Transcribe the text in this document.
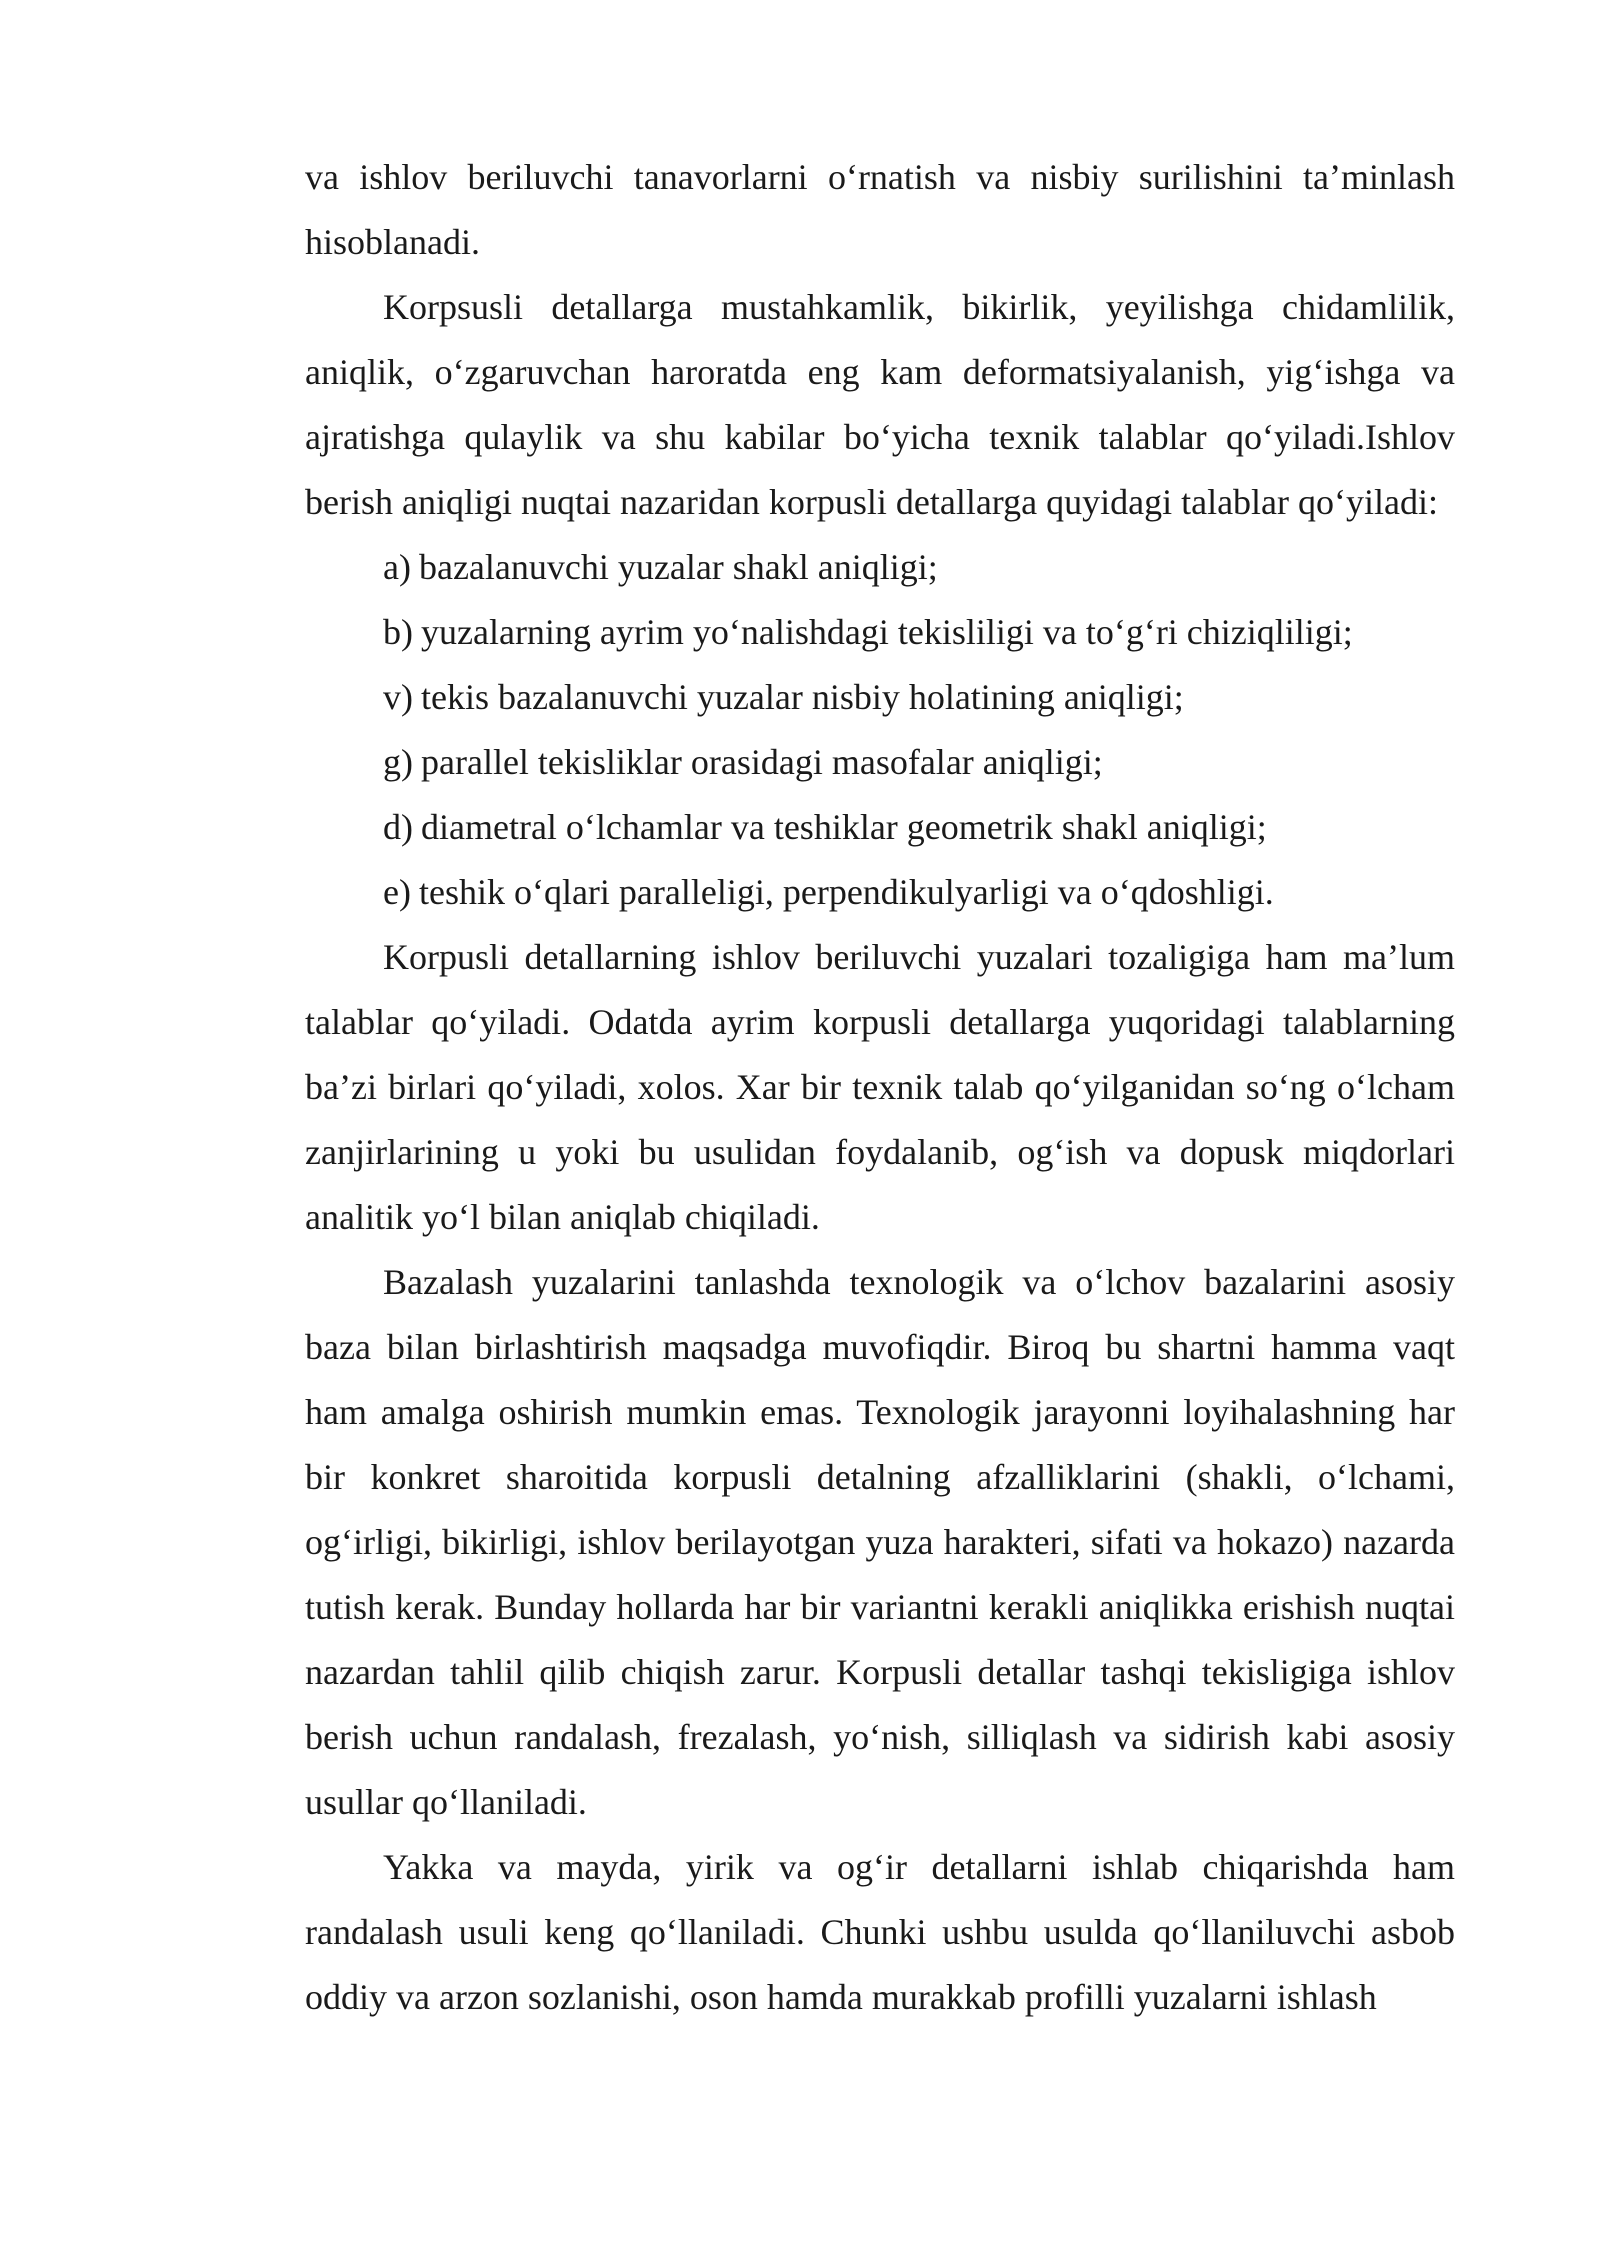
va ishlov beriluvchi tanavorlarni o‘rnatish va nisbiy surilishini ta’minlash hisoblanadi.

Korpsusli detallarga mustahkamlik, bikirlik, yeyilishga chidamlilik, aniqlik, o‘zgaruvchan haroratda eng kam deformatsiyalanish, yig‘ishga va ajratishga qulaylik va shu kabilar bo‘yicha texnik talablar qo‘yiladi.Ishlov berish aniqligi nuqtai nazaridan korpusli detallarga quyidagi talablar qo‘yiladi:

a) bazalanuvchi yuzalar shakl aniqligi;
b) yuzalarning ayrim yo‘nalishdagi tekisliligi va to‘g‘ri chiziqliligi;
v) tekis bazalanuvchi yuzalar nisbiy holatining aniqligi;
g) parallel tekisliklar orasidagi masofalar aniqligi;
d) diametral o‘lchamlar va teshiklar geometrik shakl aniqligi;
e) teshik o‘qlari paralleligi, perpendikulyarligi va o‘qdoshligi.

Korpusli detallarning ishlov beriluvchi yuzalari tozaligiga ham ma’lum talablar qo‘yiladi. Odatda ayrim korpusli detallarga yuqoridagi talablarning ba’zi birlari qo‘yiladi, xolos. Xar bir texnik talab qo‘yilganidan so‘ng o‘lcham zanjirlarining u yoki bu usulidan foydalanib, og‘ish va dopusk miqdorlari analitik yo‘l bilan aniqlab chiqiladi.

Bazalash yuzalarini tanlashda texnologik va o‘lchov bazalarini asosiy baza bilan birlashtirish maqsadga muvofiqdir. Biroq bu shartni hamma vaqt ham amalga oshirish mumkin emas. Texnologik jarayonni loyihalashning har bir konkret sharoitida korpusli detalning afzalliklarini (shakli, o‘lchami, og‘irligi, bikirligi, ishlov berilayotgan yuza harakteri, sifati va hokazo) nazarda tutish kerak. Bunday hollarda har bir variantni kerakli aniqlikka erishish nuqtai nazardan tahlil qilib chiqish zarur. Korpusli detallar tashqi tekisligiga ishlov berish uchun randalash, frezalash, yo‘nish, silliqlash va sidirish kabi asosiy usullar qo‘llaniladi.

Yakka va mayda, yirik va og‘ir detallarni ishlab chiqarishda ham randalash usuli keng qo‘llaniladi. Chunki ushbu usulda qo‘llaniluvchi asbob oddiy va arzon sozlanishi, oson hamda murakkab profilli yuzalarni ishlash
